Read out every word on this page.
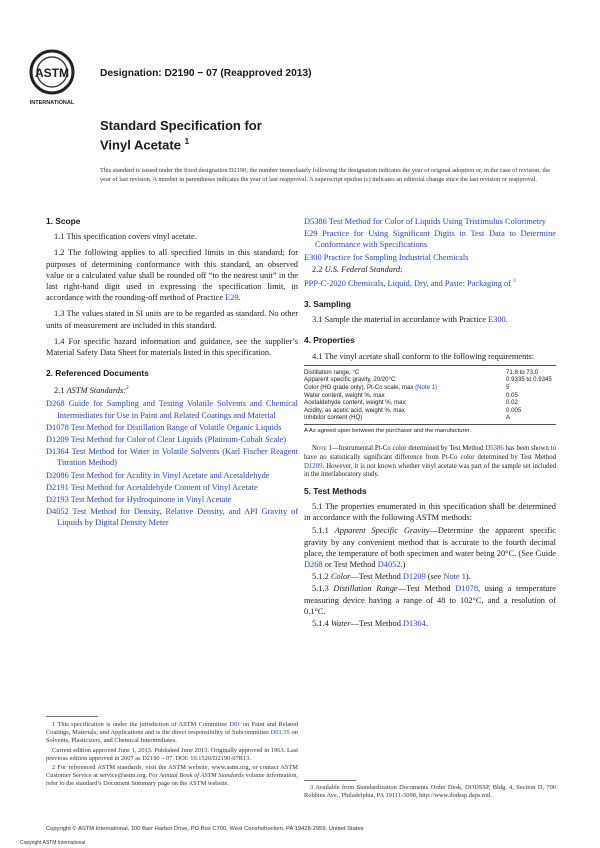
ASTM
INTERNATIONAL
Designation: D2190 − 07 (Reapproved 2013)
Standard Specification for
Vinyl Acetate $^1$
This standard is issued under the fixed designation D2190; the number immediately following the designation indicates the year of original adoption or, in the case of revision, the year of last revision. A number in parentheses indicates the year of last reapproval. A superscript epsilon (ε) indicates an editorial change since the last revision or reapproval.
1. Scope

1.1 This specification covers vinyl acetate.

1.2 The following applies to all specified limits in this standard; for purposes of determining conformance with this standard, an observed value or a calculated value shall be rounded off “to the nearest unit” in the last right-hand digit used in expressing the specification limit, in accordance with the rounding-off method of Practice E29.

1.3 The values stated in SI units are to be regarded as standard. No other units of measurement are included in this standard.

1.4 For specific hazard information and guidance, see the supplier’s Material Safety Data Sheet for materials listed in this specification.

2. Referenced Documents

2.1 ASTM Standards:$^2$

D268 Guide for Sampling and Testing Volatile Solvents and Chemical Intermediates for Use in Paint and Related Coatings and Material

D1078 Test Method for Distillation Range of Volatile Organic Liquids

D1209 Test Method for Color of Clear Liquids (Platinum-Cobalt Scale)

D1364 Test Method for Water in Volatile Solvents (Karl Fischer Reagent Titration Method)

D2086 Test Method for Acidity in Vinyl Acetate and Acetaldehyde

D2191 Test Method for Acetaldehyde Content of Vinyl Acetate

D2193 Test Method for Hydroquinone in Vinyl Acetate

D4052 Test Method for Density, Relative Density, and API Gravity of Liquids by Digital Density Meter

D5386 Test Method for Color of Liquids Using Tristimulus Colorimetry

E29 Practice for Using Significant Digits in Test Data to Determine Conformance with Specifications

E300 Practice for Sampling Industrial Chemicals

2.2 U.S. Federal Standard:

PPP-C-2020 Chemicals, Liquid, Dry, and Paste: Packaging of $^3$

3. Sampling

3.1 Sample the material in accordance with Practice E300.

4. Properties

4.1 The vinyl acetate shall conform to the following requirements:

Distillation range, °C	71.8 to 73.0
Apparent specific gravity, 20/20°C	0.9335 to 0.9345
Color (HG grade only), Pt-Co scale, max (Note 1)	5
Water content, weight %, max	0.05
Acetaldehyde content, weight %, max	0.02
Acidity, as acetic acid, weight %, max	0.005
Inhibitor content (HQ)	A
A As agreed upon between the purchaser and the manufacturer.

Note 1—Instrumental Pt-Co color determined by Test Method D5386 has been shown to have no statistically significant difference from Pt-Co color determined by Test Method D1209. However, it is not known whether vinyl acetate was part of the sample set included in the interlaboratory study.

5. Test Methods

5.1 The properties enumerated in this specification shall be determined in accordance with the following ASTM methods:

5.1.1 Apparent Specific Gravity—Determine the apparent specific gravity by any convenient method that is accurate to the fourth decimal place, the temperature of both specimen and water being 20°C. (See Guide D268 or Test Method D4052.)

5.1.2 Color—Test Method D1209 (see Note 1).

5.1.3 Distillation Range—Test Method D1078, using a temperature measuring device having a range of 48 to 102°C, and a resolution of 0.1°C.

5.1.4 Water—Test Method D1364.

1 This specification is under the jurisdiction of ASTM Committee D01 on Paint and Related Coatings, Materials, and Applications and is the direct responsibility of Subcommittee D01.35 on Solvents, Plasticizers, and Chemical Intermediates.

Current edition approved June 1, 2013. Published June 2013. Originally approved in 1963. Last previous edition approved in 2007 as D2190 – 07. DOI: 10.1520/D2190-07R13.

2 For referenced ASTM standards, visit the ASTM website, www.astm.org, or contact ASTM Customer Service at service@astm.org. For Annual Book of ASTM Standards volume information, refer to the standard’s Document Summary page on the ASTM website.

3 Available from Standardization Documents Order Desk, DODSSP, Bldg. 4, Section D, 700 Robbins Ave., Philadelphia, PA 19111-5098, http://www.dodssp.daps.mil.

Copyright © ASTM International, 100 Barr Harbor Drive, PO Box C700, West Conshohocken, PA 19428-2959. United States
Copyright ASTM International
